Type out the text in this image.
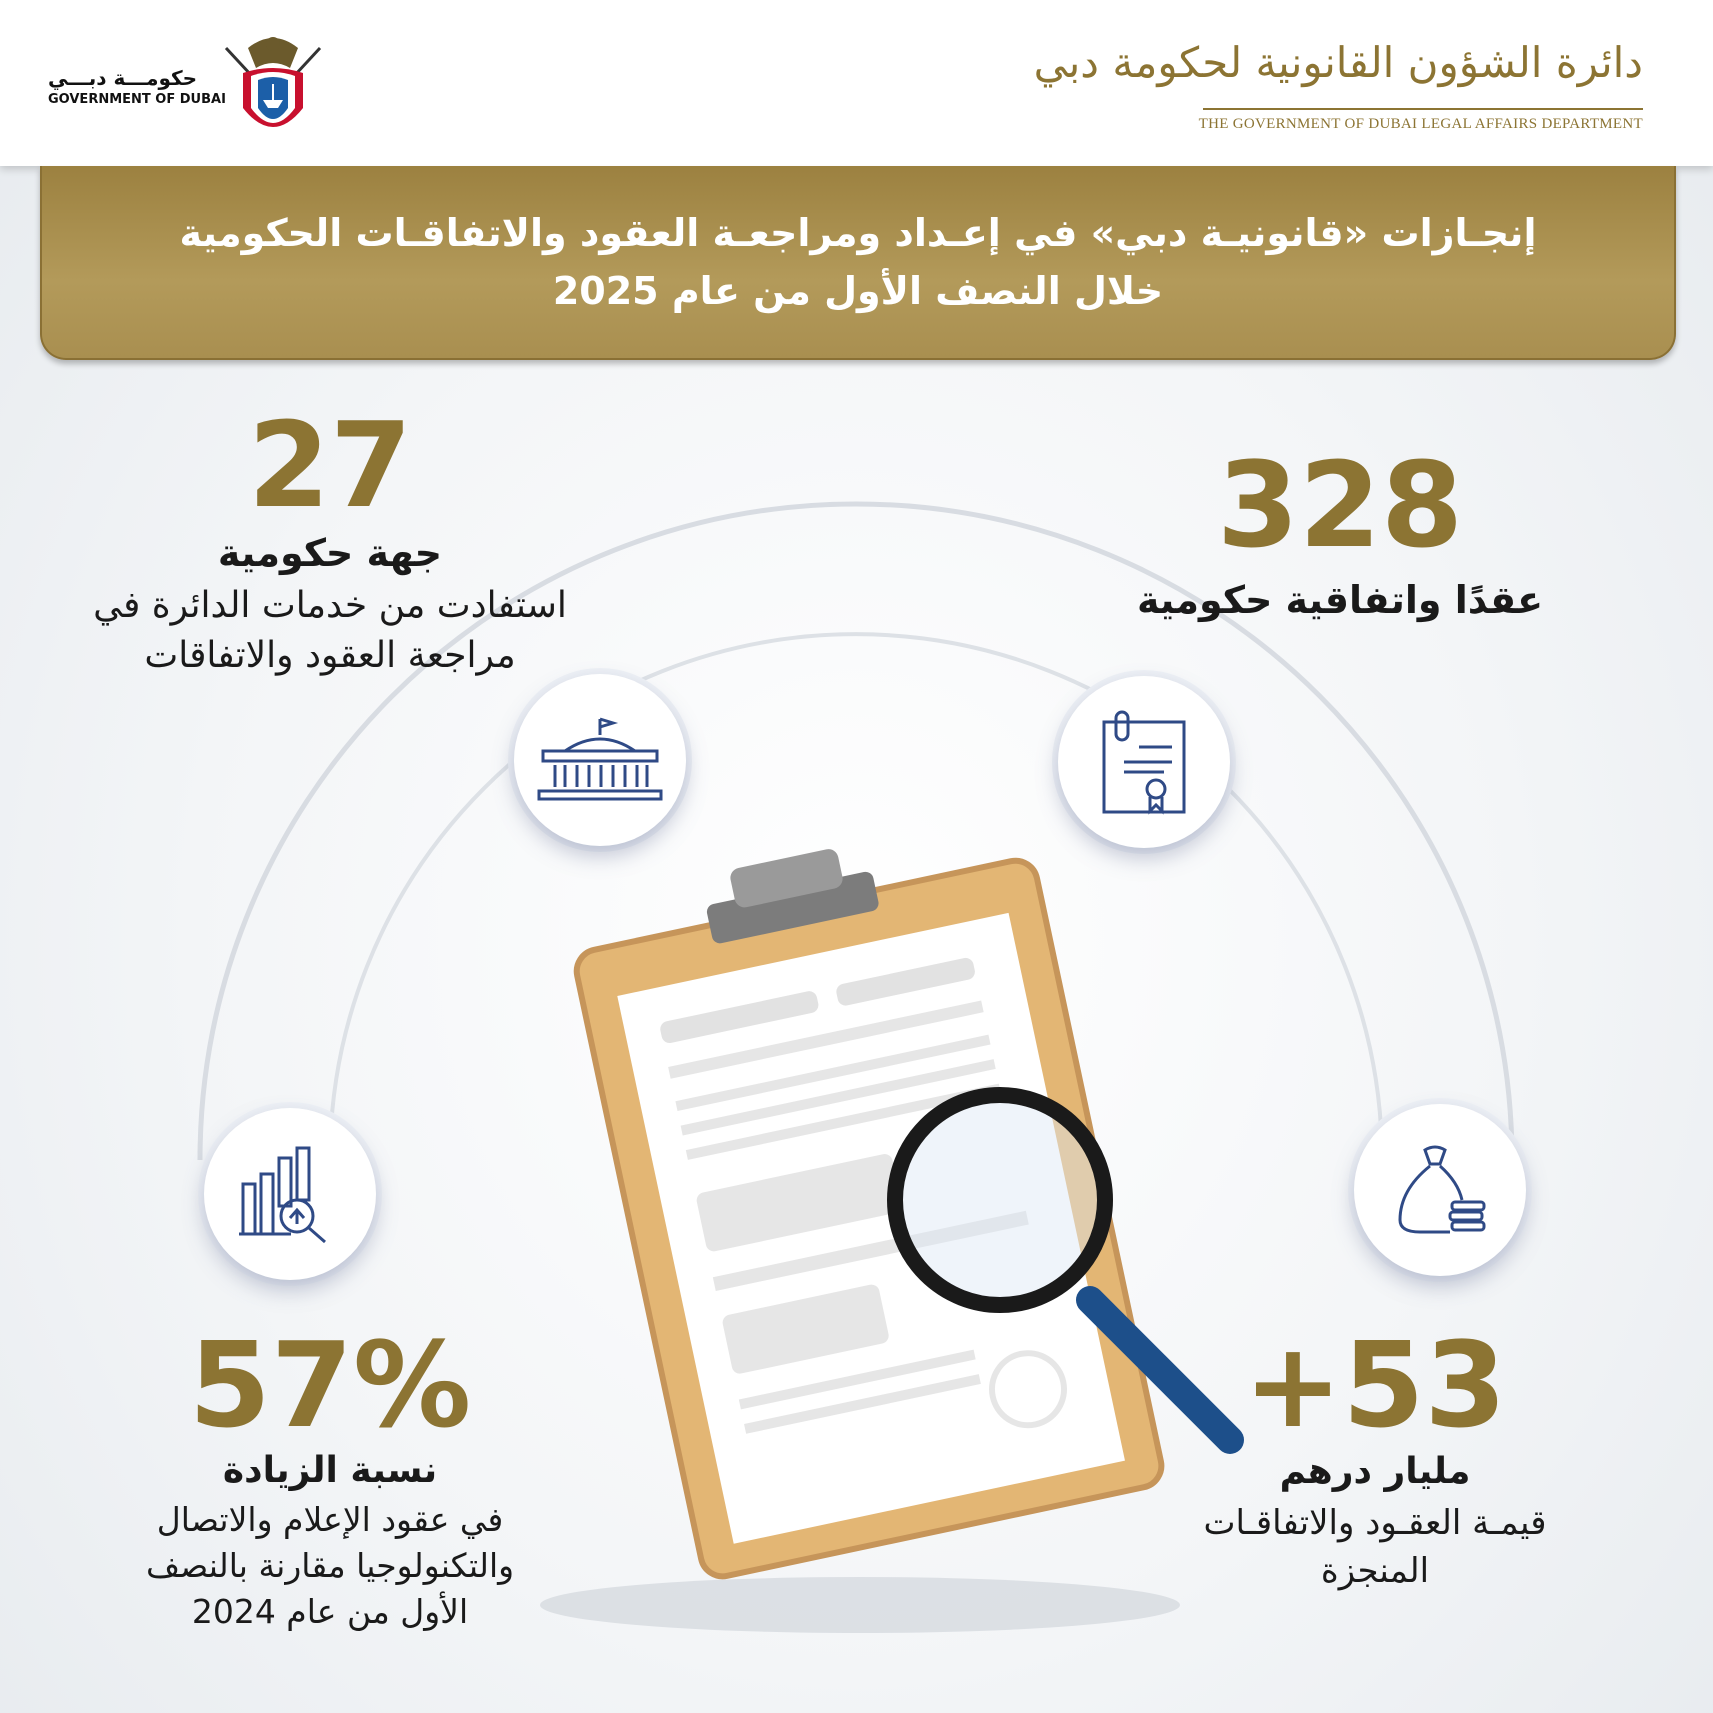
حكومـــة دبـــي
GOVERNMENT OF DUBAI
دائرة الشؤون القانونية لحكومة دبي
THE GOVERNMENT OF DUBAI LEGAL AFFAIRS DEPARTMENT
إنجـازات «قانونيـة دبي» في إعـداد ومراجعـة العقود والاتفاقـات الحكومية
خلال النصف الأول من عام 2025
328
عقدًا واتفاقية حكومية
27
جهة حكومية
استفادت من خدمات الدائرة في
مراجعة العقود والاتفاقات
53+
مليار درهم
قيمـة العقـود والاتفاقـات
المنجزة
57%
نسبة الزيادة
في عقود الإعلام والاتصال
والتكنولوجيا مقارنة بالنصف
الأول من عام 2024
